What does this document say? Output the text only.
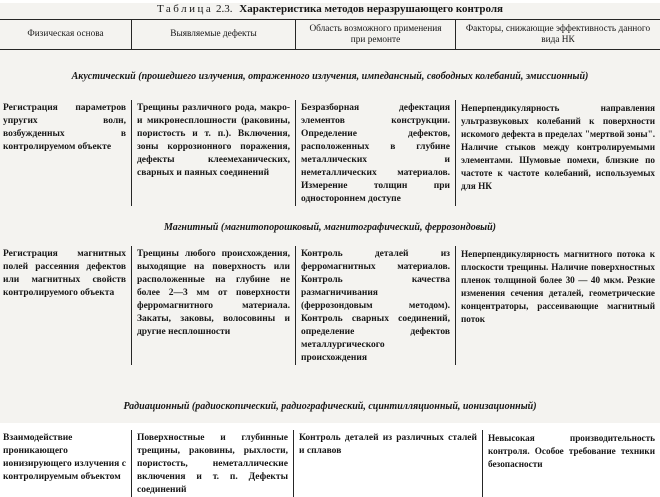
Таблица 2.3. Характеристика методов неразрушающего контроля
Физическая основа	Выявляемые дефекты
Область возможного применения при ремонте
Факторы, снижающие эффективность данного вида НК
Акустический (прошедшего излучения, отраженного излучения, импедансный, свободных колебаний, эмиссионный)
Регистрация параметров упругих волн, возбужденных в контролируемом объекте
Трещины различного рода, макро- и микронесплошности (раковины, пористость и т. п.). Включения, зоны коррозионного поражения, дефекты клеемеханических, сварных и паяных соединений
Безразборная дефектация элементов конструкции. Определение дефектов, расположенных в глубине металлических и неметаллических материалов. Измерение толщин при одностороннем доступе
Неперпендикулярность направления ультразвуковых колебаний к поверхности искомого дефекта в пределах "мертвой зоны". Наличие стыков между контролируемыми элементами. Шумовые помехи, близкие по частоте к частоте колебаний, используемых для НК
Магнитный (магнитопорошковый, магнитографический, феррозондовый)
Регистрация магнитных полей рассеяния дефектов или магнитных свойств контролируемого объекта
Трещины любого происхождения, выходящие на поверхность или расположенные на глубине не более 2—3 мм от поверхности ферромагнитного материала. Закаты, заковы, волосовины и другие несплошности
Контроль деталей из ферромагнитных материалов. Контроль качества размагничивания (феррозондовым методом). Контроль сварных соединений, определение дефектов металлургического происхождения
Неперпендикулярность магнитного потока к плоскости трещины. Наличие поверхностных пленок толщиной более 30 — 40 мкм. Резкие изменения сечения деталей, геометрические концентраторы, рассеивающие магнитный поток
Радиационный (радиоскопический, радиографический, сцинтилляционный, ионизационный)
Взаимодействие проникающего ионизирующего излучения с контролируемым объектом
Поверхностные и глубинные трещины, раковины, рыхлости, пористость, неметаллические включения и т. п. Дефекты соединений
Контроль деталей из различных сталей и сплавов
Невысокая производительность контроля. Особое требование техники безопасности
